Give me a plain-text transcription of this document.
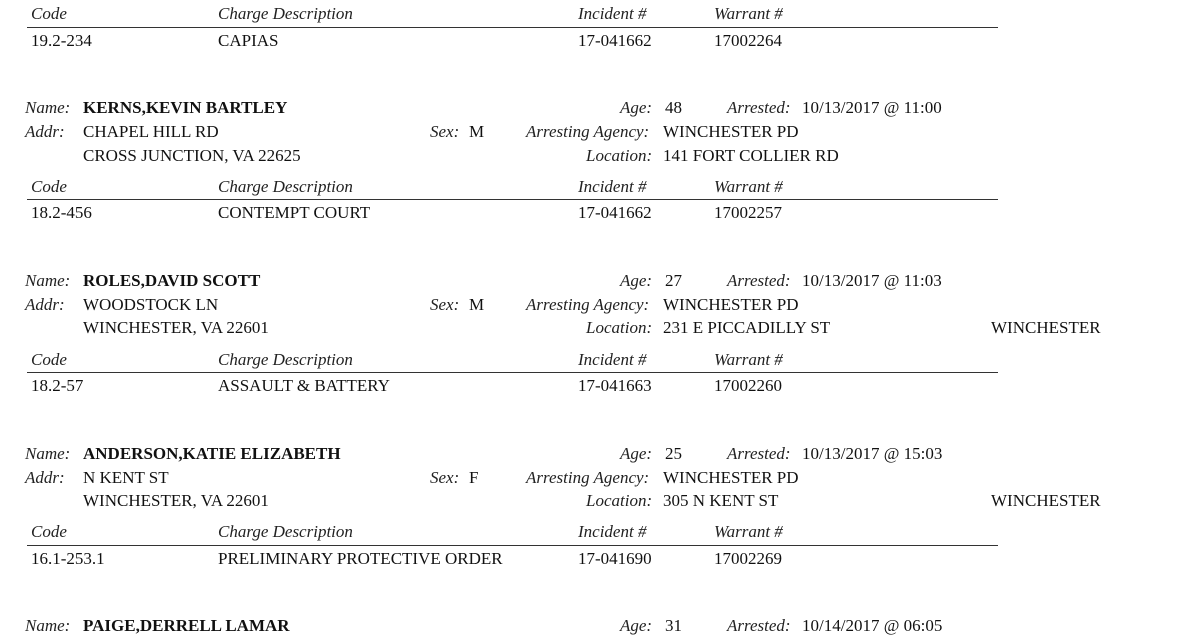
Code	Charge Description	Incident #	Warrant #
19.2-234	CAPIAS	17-041662	17002264
Name: KERNS,KEVIN BARTLEY
Addr: CHAPEL HILL RD
CROSS JUNCTION, VA 22625
Sex: M
Age: 48	Arrested: 10/13/2017 @ 11:00
Arresting Agency: WINCHESTER PD
Location: 141 FORT COLLIER RD
Code	Charge Description	Incident #	Warrant #
18.2-456	CONTEMPT COURT	17-041662	17002257
Name: ROLES,DAVID SCOTT
Addr: WOODSTOCK LN
WINCHESTER, VA 22601
Sex: M
Age: 27	Arrested: 10/13/2017 @ 11:03
Arresting Agency: WINCHESTER PD
Location: 231 E PICCADILLY ST	WINCHESTER
Code	Charge Description	Incident #	Warrant #
18.2-57	ASSAULT & BATTERY	17-041663	17002260
Name: ANDERSON,KATIE ELIZABETH
Addr: N KENT ST
WINCHESTER, VA 22601
Sex: F
Age: 25	Arrested: 10/13/2017 @ 15:03
Arresting Agency: WINCHESTER PD
Location: 305 N KENT ST	WINCHESTER
Code	Charge Description	Incident #	Warrant #
16.1-253.1	PRELIMINARY PROTECTIVE ORDER	17-041690	17002269
Name: PAIGE,DERRELL LAMAR	Age: 31	Arrested: 10/14/2017 @ 06:05
